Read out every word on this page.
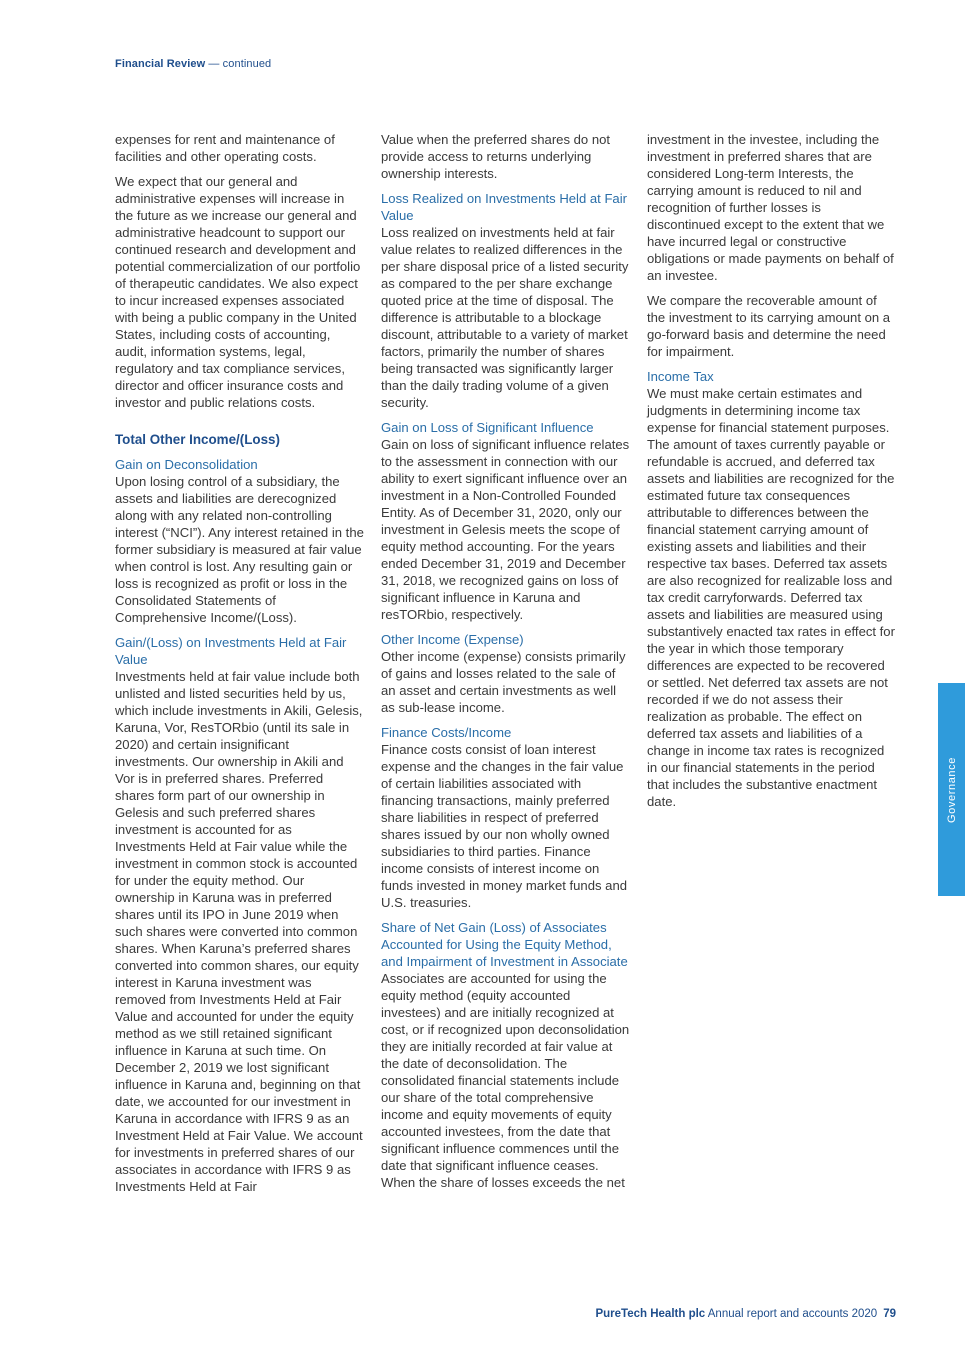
Financial Review — continued

expenses for rent and maintenance of facilities and other operating costs.

We expect that our general and administrative expenses will increase in the future as we increase our general and administrative headcount to support our continued research and development and potential commercialization of our portfolio of therapeutic candidates. We also expect to incur increased expenses associated with being a public company in the United States, including costs of accounting, audit, information systems, legal, regulatory and tax compliance services, director and officer insurance costs and investor and public relations costs.

Total Other Income/(Loss)
Gain on Deconsolidation

Upon losing control of a subsidiary, the assets and liabilities are derecognized along with any related non-controlling interest (“NCI”). Any interest retained in the former subsidiary is measured at fair value when control is lost. Any resulting gain or loss is recognized as profit or loss in the Consolidated Statements of Comprehensive Income/(Loss).

Gain/(Loss) on Investments Held at Fair Value

Investments held at fair value include both unlisted and listed securities held by us, which include investments in Akili, Gelesis, Karuna, Vor, ResTORbio (until its sale in 2020) and certain insignificant investments. Our ownership in Akili and Vor is in preferred shares. Preferred shares form part of our ownership in Gelesis and such preferred shares investment is accounted for as Investments Held at Fair value while the investment in common stock is accounted for under the equity method. Our ownership in Karuna was in preferred shares until its IPO in June 2019 when such shares were converted into common shares. When Karuna’s preferred shares converted into common shares, our equity interest in Karuna investment was removed from Investments Held at Fair Value and accounted for under the equity method as we still retained significant influence in Karuna at such time. On December 2, 2019 we lost significant influence in Karuna and, beginning on that date, we accounted for our investment in Karuna in accordance with IFRS 9 as an Investment Held at Fair Value. We account for investments in preferred shares of our associates in accordance with IFRS 9 as Investments Held at Fair

Value when the preferred shares do not provide access to returns underlying ownership interests.

Loss Realized on Investments Held at Fair Value

Loss realized on investments held at fair value relates to realized differences in the per share disposal price of a listed security as compared to the per share exchange quoted price at the time of disposal. The difference is attributable to a blockage discount, attributable to a variety of market factors, primarily the number of shares being transacted was significantly larger than the daily trading volume of a given security.

Gain on Loss of Significant Influence

Gain on loss of significant influence relates to the assessment in connection with our ability to exert significant influence over an investment in a Non-Controlled Founded Entity. As of December 31, 2020, only our investment in Gelesis meets the scope of equity method accounting. For the years ended December 31, 2019 and December 31, 2018, we recognized gains on loss of significant influence in Karuna and resTORbio, respectively.

Other Income (Expense)

Other income (expense) consists primarily of gains and losses related to the sale of an asset and certain investments as well as sub-lease income.

Finance Costs/Income

Finance costs consist of loan interest expense and the changes in the fair value of certain liabilities associated with financing transactions, mainly preferred share liabilities in respect of preferred shares issued by our non wholly owned subsidiaries to third parties. Finance income consists of interest income on funds invested in money market funds and U.S. treasuries.

Share of Net Gain (Loss) of Associates Accounted for Using the Equity Method, and Impairment of Investment in Associate

Associates are accounted for using the equity method (equity accounted investees) and are initially recognized at cost, or if recognized upon deconsolidation they are initially recorded at fair value at the date of deconsolidation. The consolidated financial statements include our share of the total comprehensive income and equity movements of equity accounted investees, from the date that significant influence commences until the date that significant influence ceases. When the share of losses exceeds the net

investment in the investee, including the investment in preferred shares that are considered Long-term Interests, the carrying amount is reduced to nil and recognition of further losses is discontinued except to the extent that we have incurred legal or constructive obligations or made payments on behalf of an investee.

We compare the recoverable amount of the investment to its carrying amount on a go-forward basis and determine the need for impairment.

Income Tax

We must make certain estimates and judgments in determining income tax expense for financial statement purposes. The amount of taxes currently payable or refundable is accrued, and deferred tax assets and liabilities are recognized for the estimated future tax consequences attributable to differences between the financial statement carrying amount of existing assets and liabilities and their respective tax bases. Deferred tax assets are also recognized for realizable loss and tax credit carryforwards. Deferred tax assets and liabilities are measured using substantively enacted tax rates in effect for the year in which those temporary differences are expected to be recovered or settled. Net deferred tax assets are not recorded if we do not assess their realization as probable. The effect on deferred tax assets and liabilities of a change in income tax rates is recognized in our financial statements in the period that includes the substantive enactment date.	Governance
PureTech Health plc Annual report and accounts 2020 79
